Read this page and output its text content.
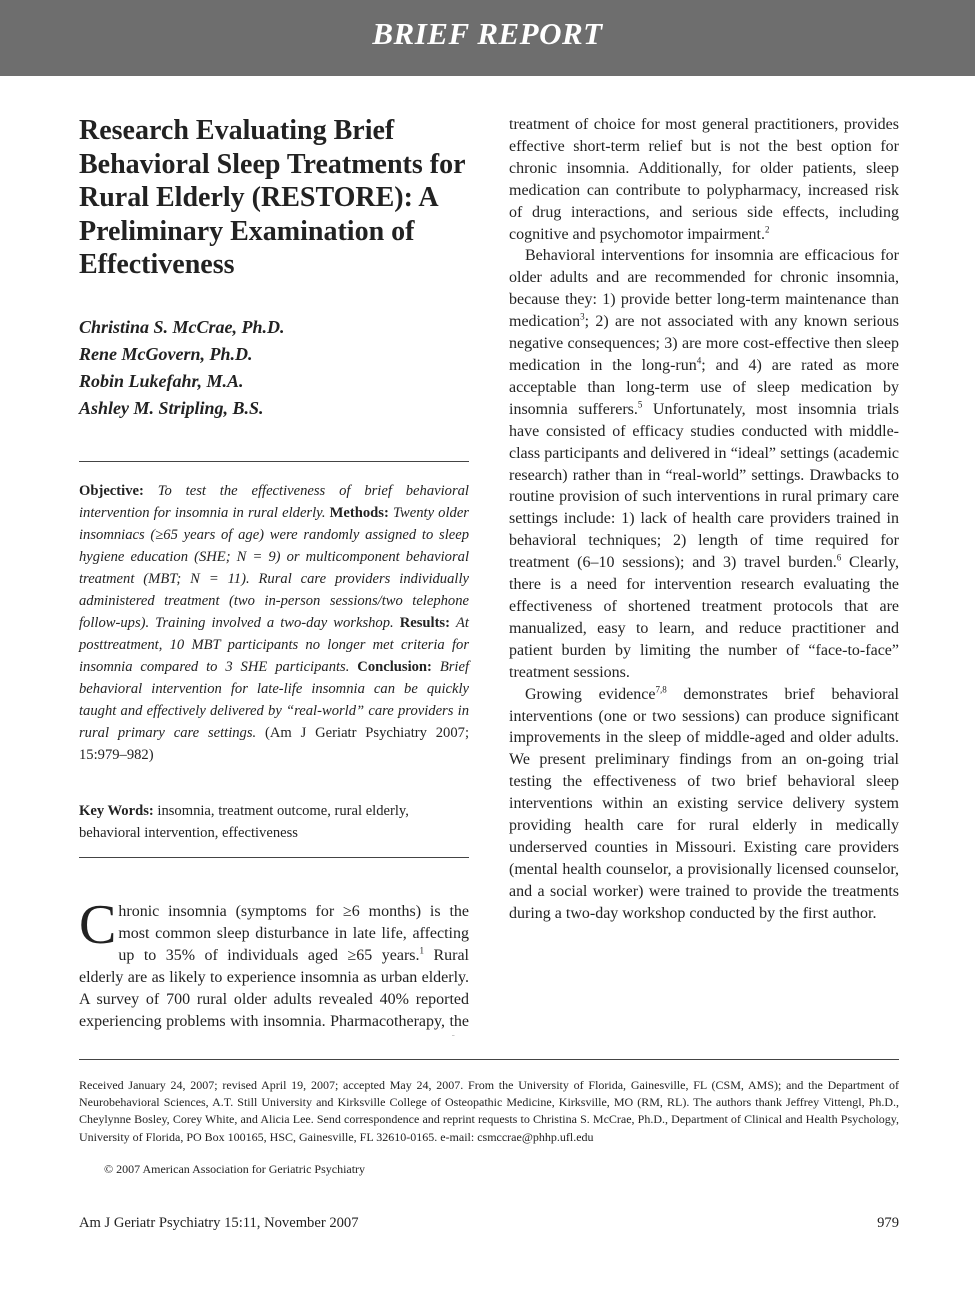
BRIEF REPORT
Research Evaluating Brief Behavioral Sleep Treatments for Rural Elderly (RESTORE): A Preliminary Examination of Effectiveness
Christina S. McCrae, Ph.D.
Rene McGovern, Ph.D.
Robin Lukefahr, M.A.
Ashley M. Stripling, B.S.
Objective: To test the effectiveness of brief behavioral intervention for insomnia in rural elderly. Methods: Twenty older insomniacs (≥65 years of age) were randomly assigned to sleep hygiene education (SHE; N = 9) or multicomponent behavioral treatment (MBT; N = 11). Rural care providers individually administered treatment (two in-person sessions/two telephone follow-ups). Training involved a two-day workshop. Results: At posttreatment, 10 MBT participants no longer met criteria for insomnia compared to 3 SHE participants. Conclusion: Brief behavioral intervention for late-life insomnia can be quickly taught and effectively delivered by “real-world” care providers in rural primary care settings. (Am J Geriatr Psychiatry 2007; 15:979–982)
Key Words: insomnia, treatment outcome, rural elderly, behavioral intervention, effectiveness

Chronic insomnia (symptoms for ≥6 months) is the most common sleep disturbance in late life, affecting up to 35% of individuals aged ≥65 years.$^1$ Rural elderly are as likely to experience insomnia as urban elderly. A survey of 700 rural older adults revealed 40% reported experiencing problems with insomnia. Pharmacotherapy, the

treatment of choice for most general practitioners, provides effective short-term relief but is not the best option for chronic insomnia. Additionally, for older patients, sleep medication can contribute to polypharmacy, increased risk of drug interactions, and serious side effects, including cognitive and psychomotor impairment.$^2$

Behavioral interventions for insomnia are efficacious for older adults and are recommended for chronic insomnia, because they: 1) provide better long-term maintenance than medication$^3$; 2) are not associated with any known serious negative consequences; 3) are more cost-effective then sleep medication in the long-run$^4$; and 4) are rated as more acceptable than long-term use of sleep medication by insomnia sufferers.$^5$ Unfortunately, most insomnia trials have consisted of efficacy studies conducted with middle-class participants and delivered in “ideal” settings (academic research) rather than in “real-world” settings. Drawbacks to routine provision of such interventions in rural primary care settings include: 1) lack of health care providers trained in behavioral techniques; 2) length of time required for treatment (6–10 sessions); and 3) travel burden.$^6$ Clearly, there is a need for intervention research evaluating the effectiveness of shortened treatment protocols that are manualized, easy to learn, and reduce practitioner and patient burden by limiting the number of “face-to-face” treatment sessions.

Growing evidence$^{7,8}$ demonstrates brief behavioral interventions (one or two sessions) can produce significant improvements in the sleep of middle-aged and older adults. We present preliminary findings from an on-going trial testing the effectiveness of two brief behavioral sleep interventions within an existing service delivery system providing health care for rural elderly in medically underserved counties in Missouri. Existing care providers (mental health counselor, a provisionally licensed counselor, and a social worker) were trained to provide the treatments during a two-day workshop conducted by the first author.

Received January 24, 2007; revised April 19, 2007; accepted May 24, 2007. From the University of Florida, Gainesville, FL (CSM, AMS); and the Department of Neurobehavioral Sciences, A.T. Still University and Kirksville College of Osteopathic Medicine, Kirksville, MO (RM, RL). The authors thank Jeffrey Vittengl, Ph.D., Cheylynne Bosley, Corey White, and Alicia Lee. Send correspondence and reprint requests to Christina S. McCrae, Ph.D., Department of Clinical and Health Psychology, University of Florida, PO Box 100165, HSC, Gainesville, FL 32610-0165. e-mail: csmccrae@phhp.ufl.edu
© 2007 American Association for Geriatric Psychiatry
Am J Geriatr Psychiatry 15:11, November 2007	979
